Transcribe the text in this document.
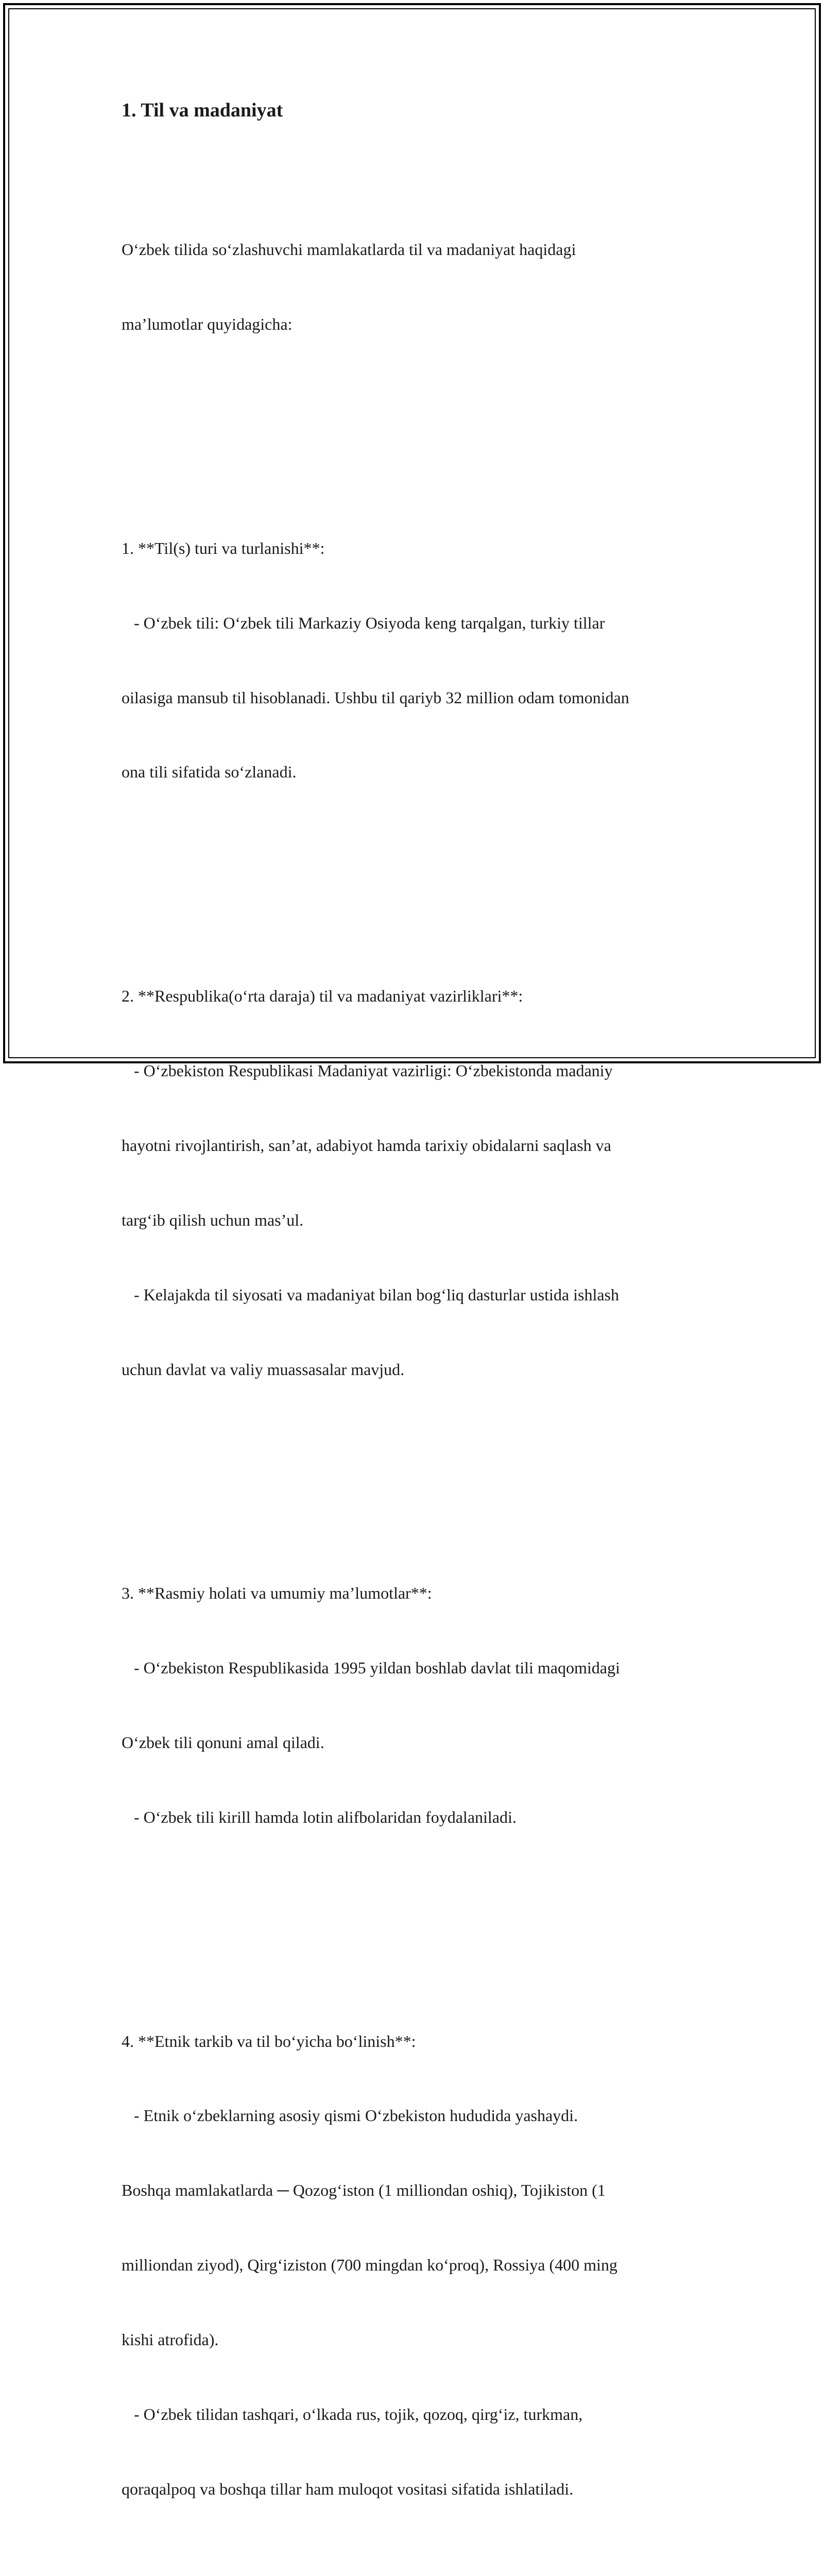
1. Til va madaniyat

O‘zbek tilida so‘zlashuvchi mamlakatlarda til va madaniyat haqidagi

ma’lumotlar quyidagicha:

1. **Til(s) turi va turlanishi**:

- O‘zbek tili: O‘zbek tili Markaziy Osiyoda keng tarqalgan, turkiy tillar

oilasiga mansub til hisoblanadi. Ushbu til qariyb 32 million odam tomonidan

ona tili sifatida so‘zlanadi.

2. **Respublika(o‘rta daraja) til va madaniyat vazirliklari**:

- O‘zbekiston Respublikasi Madaniyat vazirligi: O‘zbekistonda madaniy

hayotni rivojlantirish, san’at, adabiyot hamda tarixiy obidalarni saqlash va

targ‘ib qilish uchun mas’ul.

- Kelajakda til siyosati va madaniyat bilan bog‘liq dasturlar ustida ishlash

uchun davlat va valiy muassasalar mavjud.

3. **Rasmiy holati va umumiy ma’lumotlar**:

- O‘zbekiston Respublikasida 1995 yildan boshlab davlat tili maqomidagi

O‘zbek tili qonuni amal qiladi.

- O‘zbek tili kirill hamda lotin alifbolaridan foydalaniladi.

4. **Etnik tarkib va til bo‘yicha bo‘linish**:

- Etnik o‘zbeklarning asosiy qismi O‘zbekiston hududida yashaydi.

Boshqa mamlakatlarda ─ Qozog‘iston (1 milliondan oshiq), Tojikiston (1

milliondan ziyod), Qirg‘iziston (700 mingdan ko‘proq), Rossiya (400 ming

kishi atrofida).

- O‘zbek tilidan tashqari, o‘lkada rus, tojik, qozoq, qirg‘iz, turkman,

qoraqalpoq va boshqa tillar ham muloqot vositasi sifatida ishlatiladi.
